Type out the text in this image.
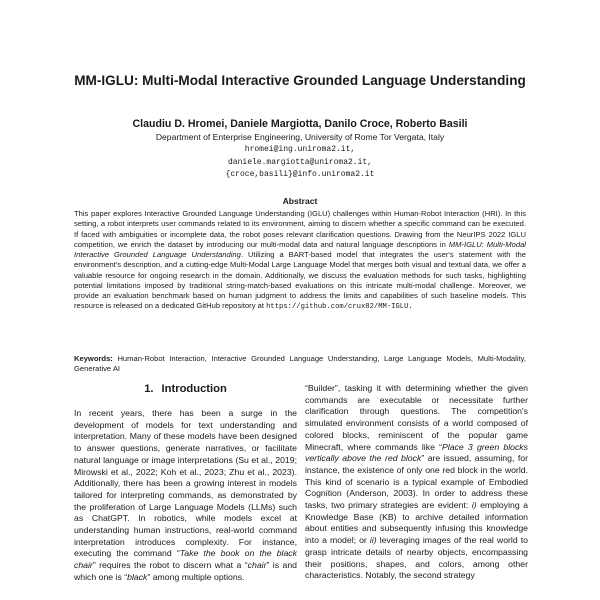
MM-IGLU: Multi-Modal Interactive Grounded Language Understanding
Claudiu D. Hromei, Daniele Margiotta, Danilo Croce, Roberto Basili
Department of Enterprise Engineering, University of Rome Tor Vergata, Italy
hromei@ing.uniroma2.it,
daniele.margiotta@uniroma2.it,
{croce,basili}@info.uniroma2.it
Abstract
This paper explores Interactive Grounded Language Understanding (IGLU) challenges within Human-Robot Interaction (HRI). In this setting, a robot interprets user commands related to its environment, aiming to discern whether a specific command can be executed. If faced with ambiguities or incomplete data, the robot poses relevant clarification questions. Drawing from the NeurIPS 2022 IGLU competition, we enrich the dataset by introducing our multi-modal data and natural language descriptions in MM-IGLU: Multi-Modal Interactive Grounded Language Understanding. Utilizing a BART-based model that integrates the user's statement with the environment's description, and a cutting-edge Multi-Modal Large Language Model that merges both visual and textual data, we offer a valuable resource for ongoing research in the domain. Additionally, we discuss the evaluation methods for such tasks, highlighting potential limitations imposed by traditional string-match-based evaluations on this intricate multi-modal challenge. Moreover, we provide an evaluation benchmark based on human judgment to address the limits and capabilities of such baseline models. This resource is released on a dedicated GitHub repository at https://github.com/crux82/MM-IGLU.
Keywords: Human-Robot Interaction, Interactive Grounded Language Understanding, Large Language Models, Multi-Modality, Generative AI
1. Introduction

In recent years, there has been a surge in the development of models for text understanding and interpretation. Many of these models have been designed to answer questions, generate narratives, or facilitate natural language or image interpretations (Su et al., 2019; Mirowski et al., 2022; Koh et al., 2023; Zhu et al., 2023). Additionally, there has been a growing interest in models tailored for interpreting commands, as demonstrated by the proliferation of Large Language Models (LLMs) such as ChatGPT. In robotics, while models excel at understanding human instructions, real-world command interpretation introduces complexity. For instance, executing the command “Take the book on the black chair” requires the robot to discern what a “chair” is and which one is “black” among multiple options.

“Builder”, tasking it with determining whether the given commands are executable or necessitate further clarification through questions. The competition's simulated environment consists of a world composed of colored blocks, reminiscent of the popular game Minecraft, where commands like “Place 3 green blocks vertically above the red block” are issued, assuming, for instance, the existence of only one red block in the world. This kind of scenario is a typical example of Embodied Cognition (Anderson, 2003). In order to address these tasks, two primary strategies are evident: i) employing a Knowledge Base (KB) to archive detailed information about entities and subsequently infusing this knowledge into a model; or ii) leveraging images of the real world to grasp intricate details of nearby objects, encompassing their positions, shapes, and colors, among other characteristics. Notably, the second strategy
